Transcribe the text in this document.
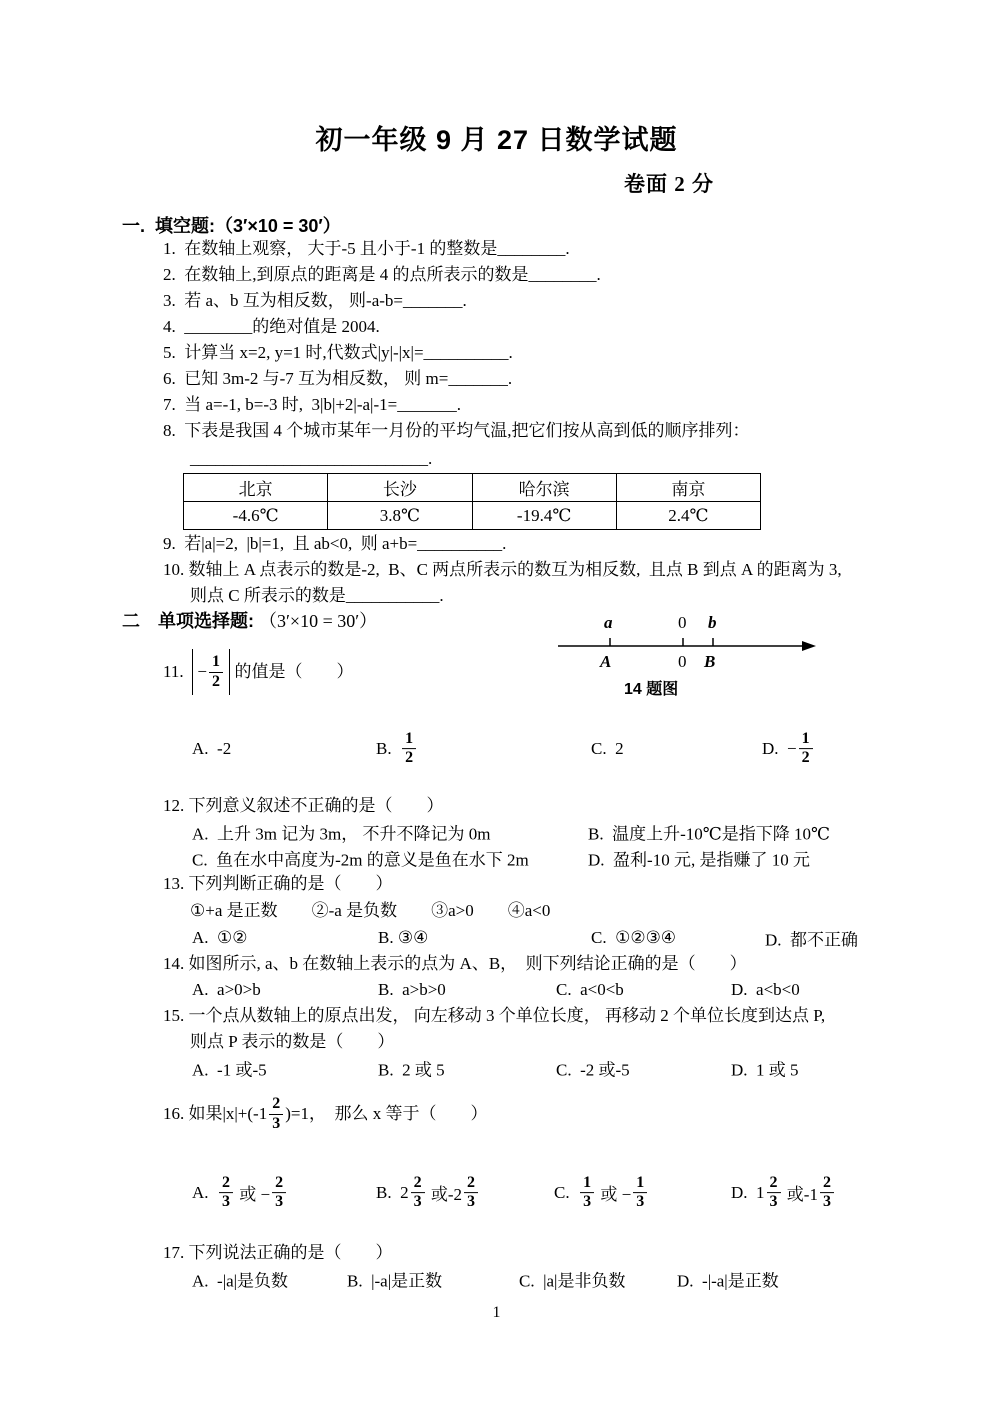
初一年级 9 月 27 日数学试题
卷面 2 分
一.  填空题:（3′×10 = 30′）
1.  在数轴上观察， 大于-5 且小于-1 的整数是________.
2.  在数轴上,到原点的距离是 4 的点所表示的数是________.
3.  若 a、b 互为相反数， 则-a-b=_______.
4.  ________的绝对值是 2004.
5.  计算当 x=2, y=1 时,代数式|y|-|x|=__________.
6.  已知 3m-2 与-7 互为相反数， 则 m=_______.
7.  当 a=-1, b=-3 时,  3|b|+2|-a|-1=_______.
8.  下表是我国 4 个城市某年一月份的平均气温,把它们按从高到低的顺序排列：
____________________________.
北京	长沙	哈尔滨	南京
-4.6℃	3.8℃	-19.4℃	2.4℃
9.  若|a|=2,  |b|=1,  且 ab<0,  则 a+b=__________.
10. 数轴上 A 点表示的数是-2,  B、C 两点所表示的数互为相反数,  且点 B 到点 A 的距离为 3,
则点 C 所表示的数是___________.
二　单项选择题: （3′×10 = 30′）	a	0 b
A	0 B
14 题图
11.
− $\frac{1}{2}$ 的值是（　　）
A.  -2	B. $\frac{1}{2}$	C.  2	D.  − $\frac{1}{2}$
12. 下列意义叙述不正确的是（　　）
A.  上升 3m 记为 3m， 不升不降记为 0m	B.  温度上升-10℃是指下降 10℃
C.  鱼在水中高度为-2m 的意义是鱼在水下 2m	D.  盈利-10 元, 是指赚了 10 元
13. 下列判断正确的是（　　）
①+a 是正数　　②-a 是负数　　③a>0　　④a<0
A.  ①②	B. ③④	C.  ①②③④	D.  都不正确
14. 如图所示, a、b 在数轴上表示的点为 A、B，  则下列结论正确的是（　　）
A.  a>0>b	B.  a>b>0	C.  a<0<b	D.  a<b<0
15. 一个点从数轴上的原点出发， 向左移动 3 个单位长度， 再移动 2 个单位长度到达点 P,
则点 P 表示的数是（　　）
A.  -1 或-5	B.  2 或 5	C.  -2 或-5	D.  1 或 5
16. 如果$|x|+(-1 \frac{2}{3} )=1$，  那么 x 等于（　　）
A. $\frac{2}{3}$ 或 − $\frac{2}{3}$	B.  $2 \frac{2}{3}$ 或$-2 \frac{2}{3}$	C. $\frac{1}{3}$ 或 − $\frac{1}{3}$	D.  $1 \frac{2}{3}$ 或$-1 \frac{2}{3}$
17. 下列说法正确的是（　　）
A.  -|a|是负数	B.  |-a|是正数	C.  |a|是非负数	D.  -|-a|是正数
1
